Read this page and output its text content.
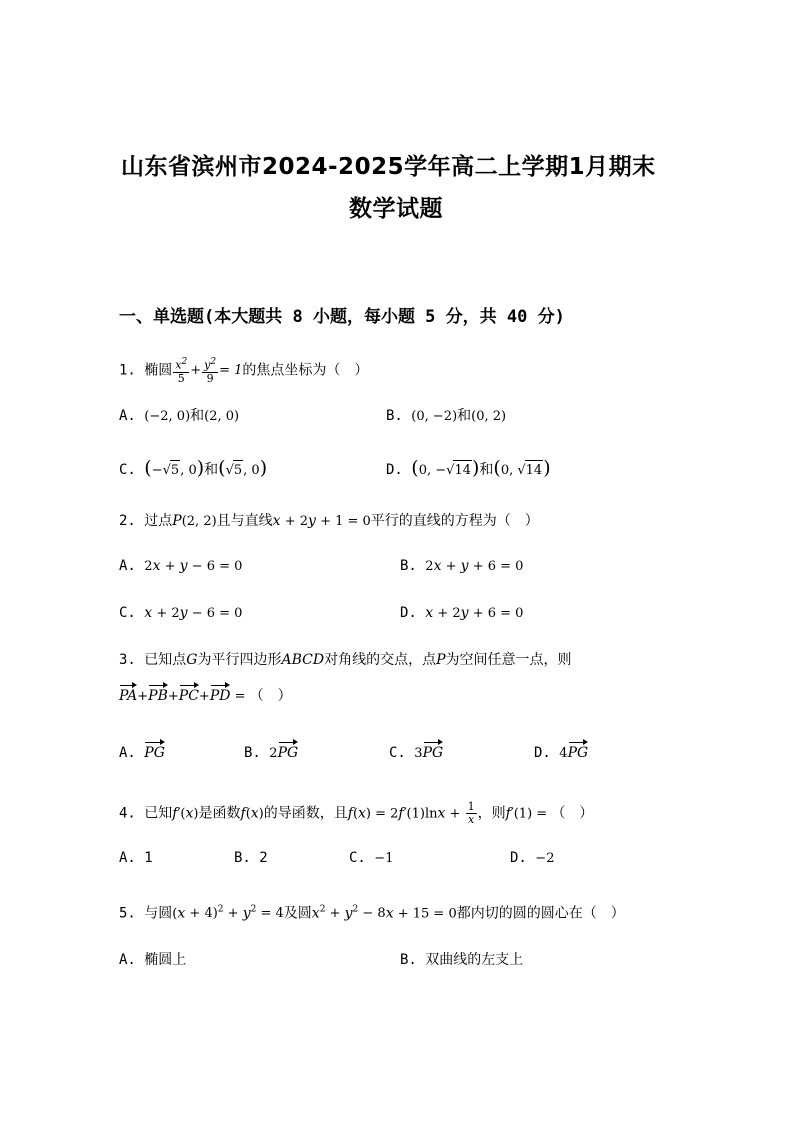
山东省滨州市2024-2025学年高二上学期1月期末
数学试题
一、单选题(本大题共 8 小题，每小题 5 分，共 40 分)
1. 椭圆 $\frac{x^2}{5} + \frac{y^2}{9} = 1$的焦点坐标为（　）
A. (−2, 0)和(2, 0)	B. (0, −2)和(0, 2)
C. (−√5, 0)和(√5, 0)	D. (0, −√14)和(0, √14)
2. 过点P(2, 2)且与直线x + 2y + 1 = 0平行的直线的方程为（　）
A. 2x + y − 6 = 0	B. 2x + y + 6 = 0
C. x + 2y − 6 = 0	D. x + 2y + 6 = 0
3. 已知点G为平行四边形ABCD对角线的交点，点P为空间任意一点，则
PA+PB+PC+PD = （　）
A. PG	B. 2PG	C. 3PG	D. 4PG
4. 已知f′(x)是函数f(x)的导函数，且$f(x) = 2f'(1)\ln x + \frac{1}{x}$ ，则f′(1) = （　）
A. 1	B. 2	C. −1	D. −2
5. 与圆$(x + 4)^2 + y^2 = 4$及圆$x^2 + y^2 - 8x + 15 = 0$都内切的圆的圆心在（　）
A. 椭圆上	B. 双曲线的左支上
